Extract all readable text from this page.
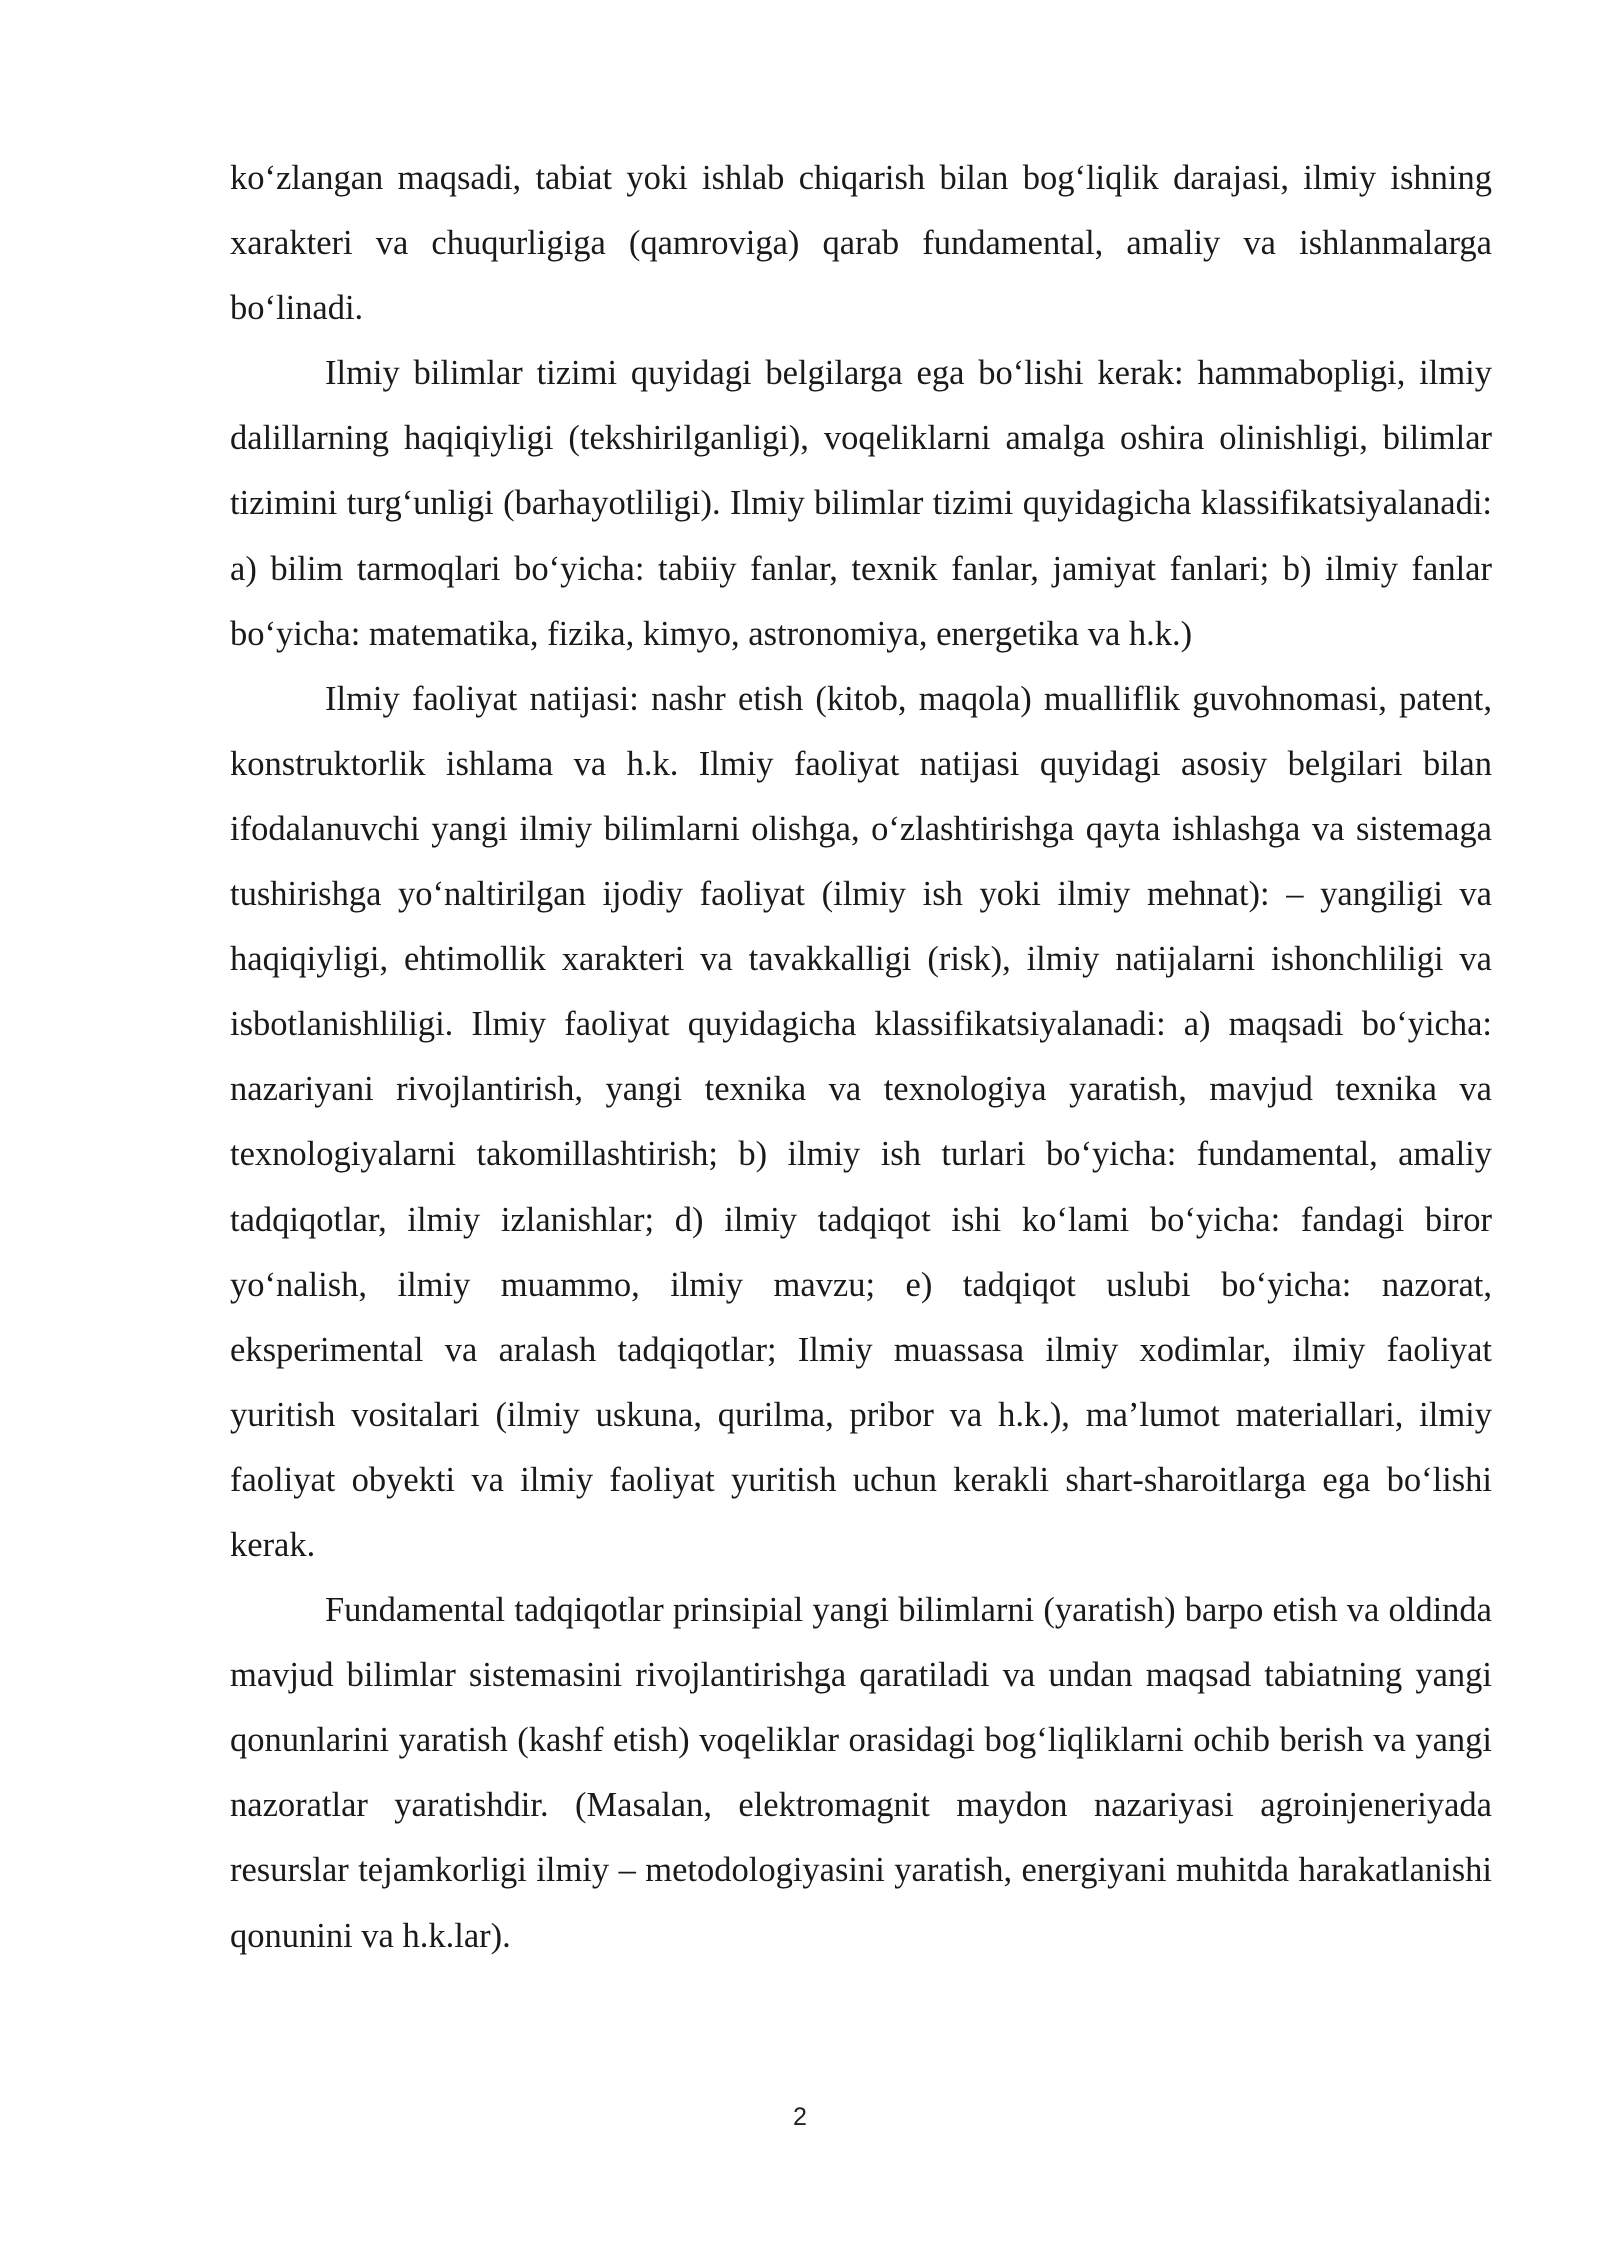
ko‘zlangan maqsadi, tabiat yoki ishlab chiqarish bilan bog‘liqlik darajasi, ilmiy ishning xarakteri va chuqurligiga (qamroviga) qarab fundamental, amaliy va ishlanmalarga bo‘linadi.

Ilmiy bilimlar tizimi quyidagi belgilarga ega bo‘lishi kerak: hammabopligi, ilmiy dalillarning haqiqiyligi (tekshirilganligi), voqeliklarni amalga oshira olinishligi, bilimlar tizimini turg‘unligi (barhayotliligi). Ilmiy bilimlar tizimi quyidagicha klassifikatsiyalanadi: a) bilim tarmoqlari bo‘yicha: tabiiy fanlar, texnik fanlar, jamiyat fanlari; b) ilmiy fanlar bo‘yicha: matematika, fizika, kimyo, astronomiya, energetika va h.k.)

Ilmiy faoliyat natijasi: nashr etish (kitob, maqola) mualliflik guvohnomasi, patent, konstruktorlik ishlama va h.k. Ilmiy faoliyat natijasi quyidagi asosiy belgilari bilan ifodalanuvchi yangi ilmiy bilimlarni olishga, o‘zlashtirishga qayta ishlashga va sistemaga tushirishga yo‘naltirilgan ijodiy faoliyat (ilmiy ish yoki ilmiy mehnat): – yangiligi va haqiqiyligi, ehtimollik xarakteri va tavakkalligi (risk), ilmiy natijalarni ishonchliligi va isbotlanishliligi. Ilmiy faoliyat quyidagicha klassifikatsiyalanadi: a) maqsadi bo‘yicha: nazariyani rivojlantirish, yangi texnika va texnologiya yaratish, mavjud texnika va texnologiyalarni takomillashtirish; b) ilmiy ish turlari bo‘yicha: fundamental, amaliy tadqiqotlar, ilmiy izlanishlar; d) ilmiy tadqiqot ishi ko‘lami bo‘yicha: fandagi biror yo‘nalish, ilmiy muammo, ilmiy mavzu; e) tadqiqot uslubi bo‘yicha: nazorat, eksperimental va aralash tadqiqotlar; Ilmiy muassasa ilmiy xodimlar, ilmiy faoliyat yuritish vositalari (ilmiy uskuna, qurilma, pribor va h.k.), ma’lumot materiallari, ilmiy faoliyat obyekti va ilmiy faoliyat yuritish uchun kerakli shart-sharoitlarga ega bo‘lishi kerak.

Fundamental tadqiqotlar prinsipial yangi bilimlarni (yaratish) barpo etish va oldinda mavjud bilimlar sistemasini rivojlantirishga qaratiladi va undan maqsad tabiatning yangi qonunlarini yaratish (kashf etish) voqeliklar orasidagi bog‘liqliklarni ochib berish va yangi nazoratlar yaratishdir. (Masalan, elektromagnit maydon nazariyasi agroinjeneriyada resurslar tejamkorligi ilmiy – metodologiyasini yaratish, energiyani muhitda harakatlanishi qonunini va h.k.lar).

2
